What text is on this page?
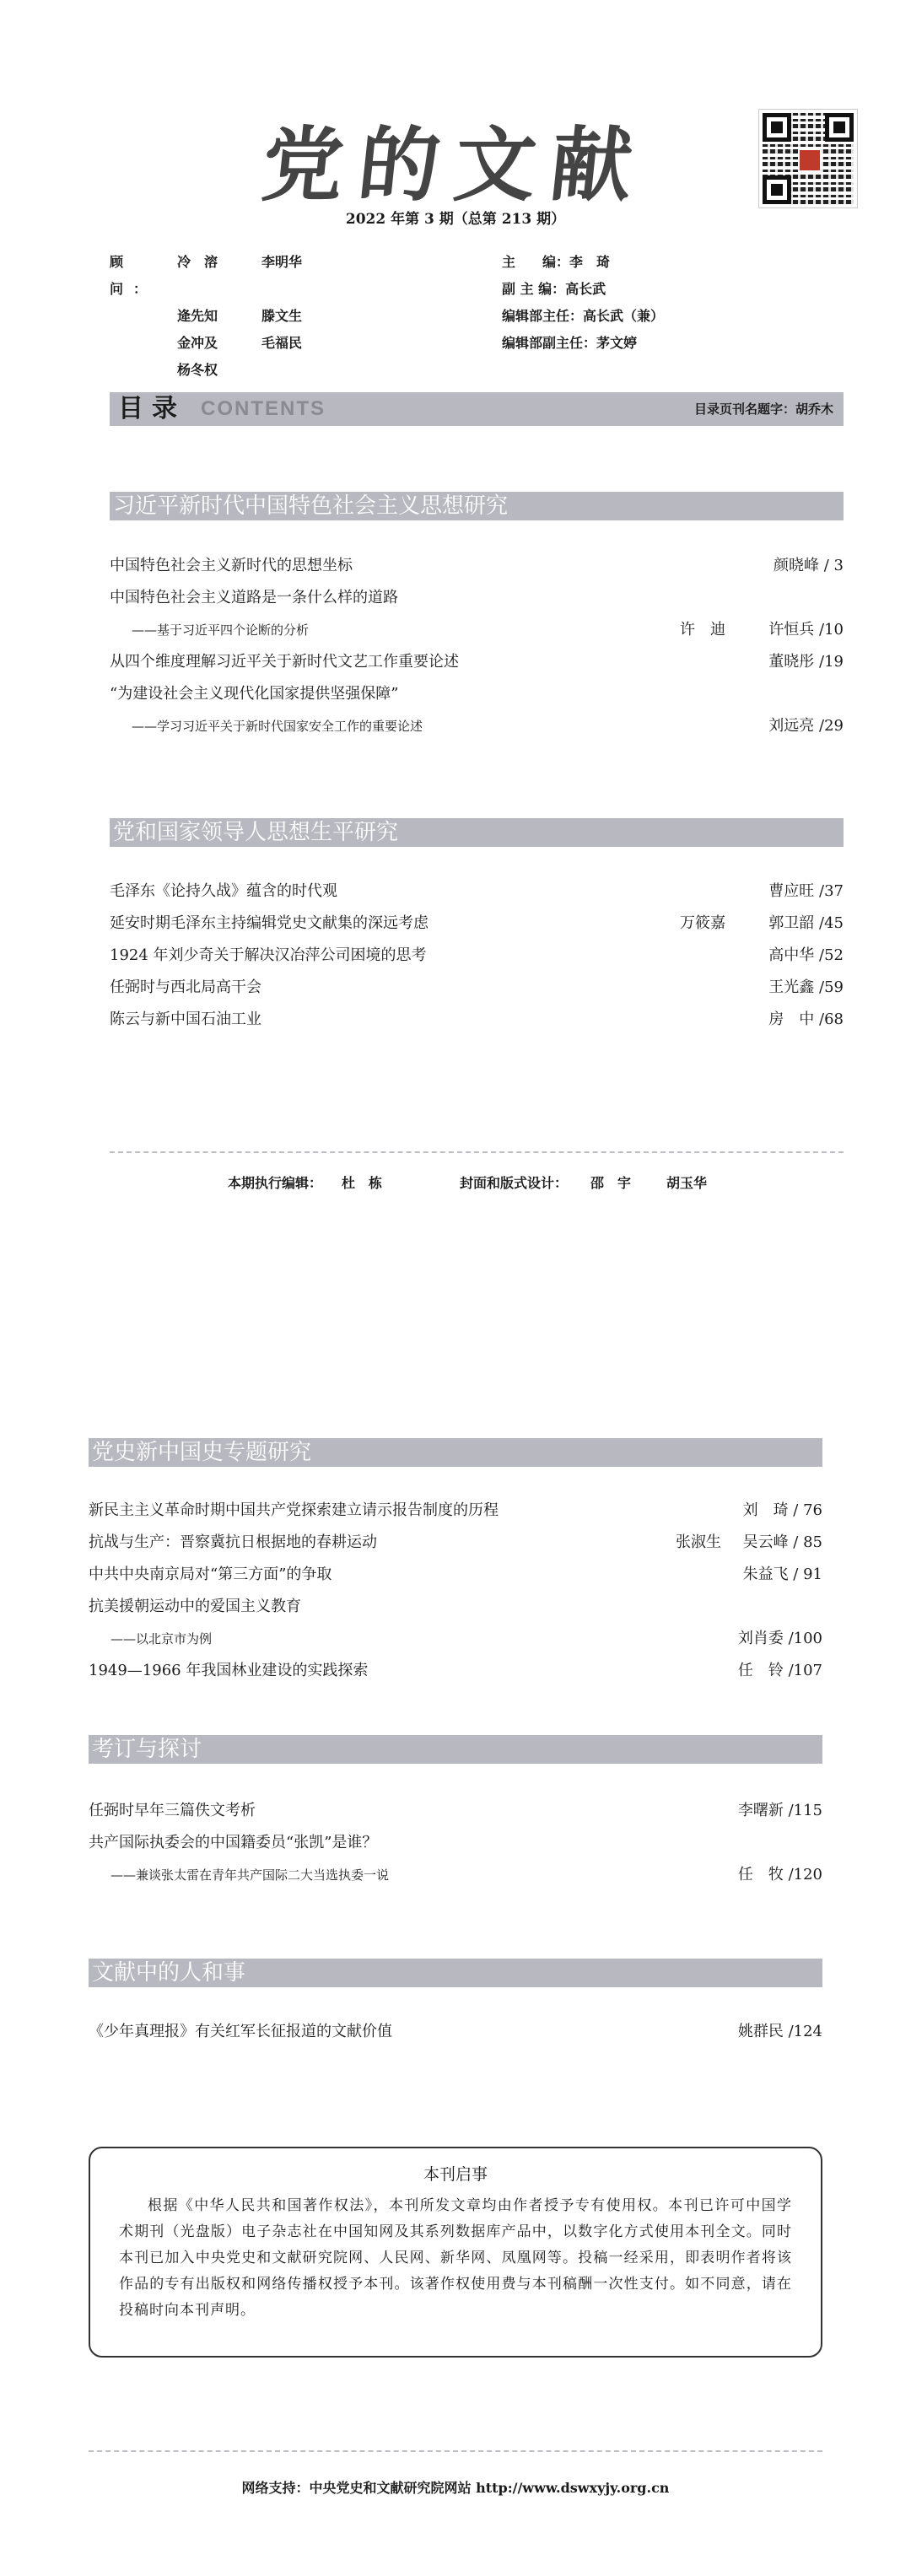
党的文献
2022 年第 3 期（总第 213 期）
顾问：
冷　溶	李明华
逄先知	滕文生
金冲及	毛福民
杨冬权
主　　编： 李　琦
副 主 编： 高长武
编辑部主任： 高长武（兼）
编辑部副主任： 茅文婷
目录 CONTENTS	目录页刊名题字：胡乔木
习近平新时代中国特色社会主义思想研究
中国特色社会主义新时代的思想坐标	颜晓峰 / 3
中国特色社会主义道路是一条什么样的道路
——基于习近平四个论断的分析	许　迪	许恒兵 /10
从四个维度理解习近平关于新时代文艺工作重要论述	董晓彤 /19
“为建设社会主义现代化国家提供坚强保障”
——学习习近平关于新时代国家安全工作的重要论述	刘远亮 /29
党和国家领导人思想生平研究
毛泽东《论持久战》蕴含的时代观	曹应旺 /37
延安时期毛泽东主持编辑党史文献集的深远考虑	万筱嘉	郭卫韶 /45
1924 年刘少奇关于解决汉冶萍公司困境的思考	高中华 /52
任弼时与西北局高干会	王光鑫 /59
陈云与新中国石油工业	房　中 /68
本期执行编辑： 杜　栋	封面和版式设计： 邵　宇	胡玉华
党史新中国史专题研究
新民主主义革命时期中国共产党探索建立请示报告制度的历程	刘　琦 / 76
抗战与生产：晋察冀抗日根据地的春耕运动	张淑生 吴云峰 / 85
中共中央南京局对“第三方面”的争取	朱益飞 / 91
抗美援朝运动中的爱国主义教育
——以北京市为例	刘肖委 /100
1949—1966 年我国林业建设的实践探索	任　铃 /107
考订与探讨
任弼时早年三篇佚文考析	李曙新 /115
共产国际执委会的中国籍委员“张凯”是谁？
——兼谈张太雷在青年共产国际二大当选执委一说	任　牧 /120
文献中的人和事
《少年真理报》有关红军长征报道的文献价值	姚群民 /124
本刊启事
根据《中华人民共和国著作权法》，本刊所发文章均由作者授予专有使用权。本刊已许可中国学术期刊（光盘版）电子杂志社在中国知网及其系列数据库产品中，以数字化方式使用本刊全文。同时本刊已加入中央党史和文献研究院网、人民网、新华网、凤凰网等。投稿一经采用，即表明作者将该作品的专有出版权和网络传播权授予本刊。该著作权使用费与本刊稿酬一次性支付。如不同意，请在投稿时向本刊声明。
网络支持：中央党史和文献研究院网站 http://www.dswxyjy.org.cn
